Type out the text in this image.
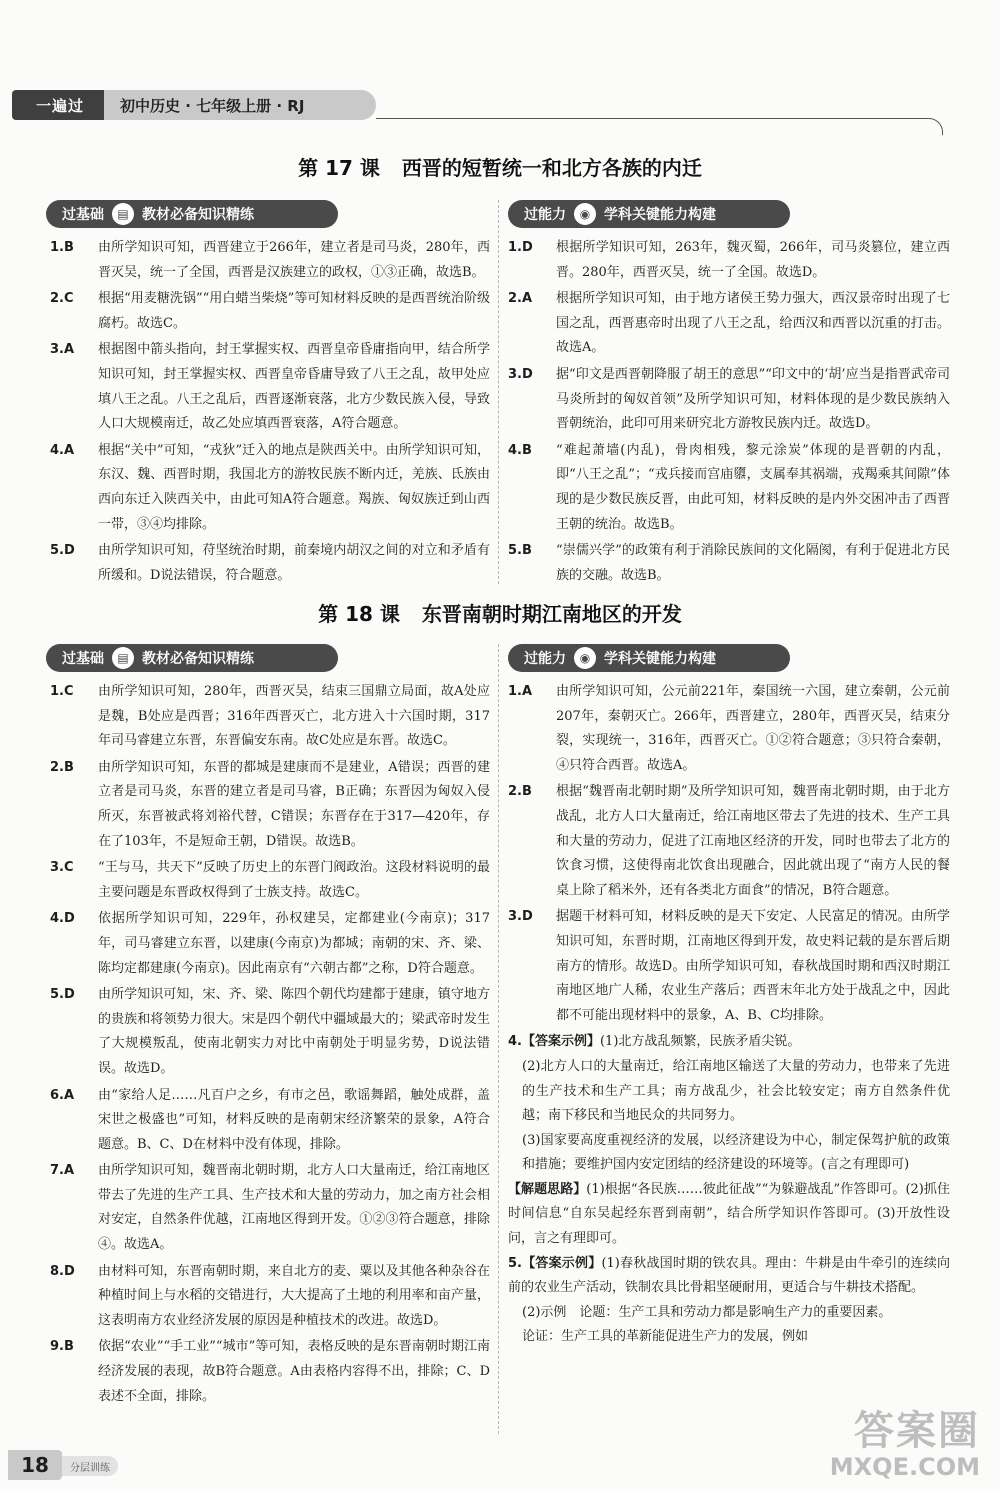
一遍过	初中历史 · 七年级上册 · RJ
第 17 课 西晋的短暂统一和北方各族的内迁
过基础	▤ 教材必备知识精练	过能力	◉ 学科关键能力构建
1.B	由所学知识可知，西晋建立于266年，建立者是司马炎，280年，西晋灭吴，统一了全国，西晋是汉族建立的政权，①③正确，故选B。
2.C	根据“用麦糖洗锅”“用白蜡当柴烧”等可知材料反映的是西晋统治阶级腐朽。故选C。
3.A	根据图中箭头指向，封王掌握实权、西晋皇帝昏庸指向甲，结合所学知识可知，封王掌握实权、西晋皇帝昏庸导致了八王之乱，故甲处应填八王之乱。八王之乱后，西晋逐渐衰落，北方少数民族入侵，导致人口大规模南迁，故乙处应填西晋衰落，A符合题意。
4.A	根据“关中”可知，“戎狄”迁入的地点是陕西关中。由所学知识可知，东汉、魏、西晋时期，我国北方的游牧民族不断内迁，羌族、氐族由西向东迁入陕西关中，由此可知A符合题意。羯族、匈奴族迁到山西一带，③④均排除。
5.D	由所学知识可知，苻坚统治时期，前秦境内胡汉之间的对立和矛盾有所缓和。D说法错误，符合题意。
1.D	根据所学知识可知，263年，魏灭蜀，266年，司马炎篡位，建立西晋。280年，西晋灭吴，统一了全国。故选D。
2.A	根据所学知识可知，由于地方诸侯王势力强大，西汉景帝时出现了七国之乱，西晋惠帝时出现了八王之乱，给西汉和西晋以沉重的打击。故选A。
3.D	据“印文是西晋朝降服了胡王的意思”“印文中的‘胡’应当是指晋武帝司马炎所封的匈奴首领”及所学知识可知，材料体现的是少数民族纳入晋朝统治，此印可用来研究北方游牧民族内迁。故选D。
4.B	“难起萧墙(内乱)，骨肉相残，黎元涂炭”体现的是晋朝的内乱，即“八王之乱”；“戎兵接而宫庙隳，支属奉其祸端，戎羯乘其间隙”体现的是少数民族反晋，由此可知，材料反映的是内外交困冲击了西晋王朝的统治。故选B。
5.B	“崇儒兴学”的政策有利于消除民族间的文化隔阂，有利于促进北方民族的交融。故选B。
第 18 课 东晋南朝时期江南地区的开发
过基础	▤ 教材必备知识精练	过能力	◉ 学科关键能力构建
1.C	由所学知识可知，280年，西晋灭吴，结束三国鼎立局面，故A处应是魏，B处应是西晋；316年西晋灭亡，北方进入十六国时期，317年司马睿建立东晋，东晋偏安东南。故C处应是东晋。故选C。
2.B	由所学知识可知，东晋的都城是建康而不是建业，A错误；西晋的建立者是司马炎，东晋的建立者是司马睿，B正确；东晋因为匈奴入侵所灭，东晋被武将刘裕代替，C错误；东晋存在于317—420年，存在了103年，不是短命王朝，D错误。故选B。
3.C	“王与马，共天下”反映了历史上的东晋门阀政治。这段材料说明的最主要问题是东晋政权得到了士族支持。故选C。
4.D	依据所学知识可知，229年，孙权建吴，定都建业(今南京)；317年，司马睿建立东晋，以建康(今南京)为都城；南朝的宋、齐、梁、陈均定都建康(今南京)。因此南京有“六朝古都”之称，D符合题意。
5.D	由所学知识可知，宋、齐、梁、陈四个朝代均建都于建康，镇守地方的贵族和将领势力很大。宋是四个朝代中疆域最大的；梁武帝时发生了大规模叛乱，使南北朝实力对比中南朝处于明显劣势，D说法错误。故选D。
6.A	由“家给人足……凡百户之乡，有市之邑，歌谣舞蹈，触处成群，盖宋世之极盛也”可知，材料反映的是南朝宋经济繁荣的景象，A符合题意。B、C、D在材料中没有体现，排除。
7.A	由所学知识可知，魏晋南北朝时期，北方人口大量南迁，给江南地区带去了先进的生产工具、生产技术和大量的劳动力，加之南方社会相对安定，自然条件优越，江南地区得到开发。①②③符合题意，排除④。故选A。
8.D	由材料可知，东晋南朝时期，来自北方的麦、粟以及其他各种杂谷在种植时间上与水稻的交错进行，大大提高了土地的利用率和亩产量，这表明南方农业经济发展的原因是种植技术的改进。故选D。
9.B	依据“农业”“手工业”“城市”等可知，表格反映的是东晋南朝时期江南经济发展的表现，故B符合题意。A由表格内容得不出，排除；C、D表述不全面，排除。
1.A	由所学知识可知，公元前221年，秦国统一六国，建立秦朝，公元前207年，秦朝灭亡。266年，西晋建立，280年，西晋灭吴，结束分裂，实现统一，316年，西晋灭亡。①②符合题意；③只符合秦朝，④只符合西晋。故选A。
2.B	根据“魏晋南北朝时期”及所学知识可知，魏晋南北朝时期，由于北方战乱，北方人口大量南迁，给江南地区带去了先进的技术、生产工具和大量的劳动力，促进了江南地区经济的开发，同时也带去了北方的饮食习惯，这使得南北饮食出现融合，因此就出现了“南方人民的餐桌上除了稻米外，还有各类北方面食”的情况，B符合题意。
3.D	据题干材料可知，材料反映的是天下安定、人民富足的情况。由所学知识可知，东晋时期，江南地区得到开发，故史料记载的是东晋后期南方的情形。故选D。由所学知识可知，春秋战国时期和西汉时期江南地区地广人稀，农业生产落后；西晋末年北方处于战乱之中，因此都不可能出现材料中的景象，A、B、C均排除。
4.【答案示例】(1)北方战乱频繁，民族矛盾尖锐。
(2)北方人口的大量南迁，给江南地区输送了大量的劳动力，也带来了先进的生产技术和生产工具；南方战乱少，社会比较安定；南方自然条件优越；南下移民和当地民众的共同努力。
(3)国家要高度重视经济的发展，以经济建设为中心，制定保驾护航的政策和措施；要维护国内安定团结的经济建设的环境等。(言之有理即可)
【解题思路】(1)根据“各民族……彼此征战”“为躲避战乱”作答即可。(2)抓住时间信息“自东吴起经东晋到南朝”，结合所学知识作答即可。(3)开放性设问，言之有理即可。
5.【答案示例】(1)春秋战国时期的铁农具。理由：牛耕是由牛牵引的连续向前的农业生产活动，铁制农具比骨耜坚硬耐用，更适合与牛耕技术搭配。
(2)示例　论题：生产工具和劳动力都是影响生产力的重要因素。
论证：生产工具的革新能促进生产力的发展，例如
18	分层训练
答案圈
MXQE.COM
